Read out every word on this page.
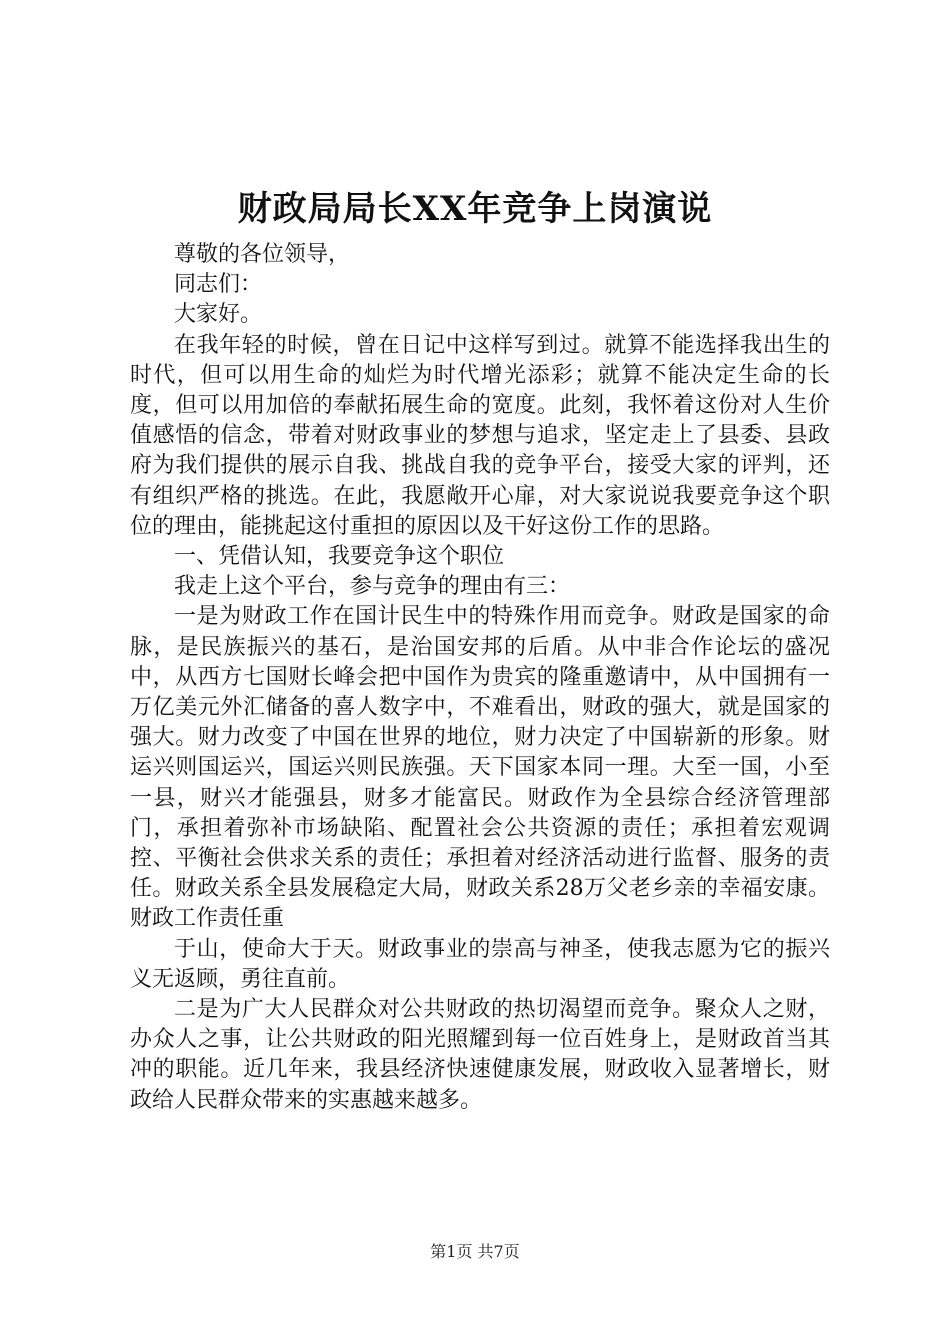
财政局局长XX年竞争上岗演说

尊敬的各位领导，

同志们：

大家好。

在我年轻的时候，曾在日记中这样写到过。就算不能选择我出生的时代，但可以用生命的灿烂为时代增光添彩；就算不能决定生命的长度，但可以用加倍的奉献拓展生命的宽度。此刻，我怀着这份对人生价值感悟的信念，带着对财政事业的梦想与追求，坚定走上了县委、县政府为我们提供的展示自我、挑战自我的竞争平台，接受大家的评判，还有组织严格的挑选。在此，我愿敞开心扉，对大家说说我要竞争这个职位的理由，能挑起这付重担的原因以及干好这份工作的思路。

一、凭借认知，我要竞争这个职位

我走上这个平台，参与竞争的理由有三：

一是为财政工作在国计民生中的特殊作用而竞争。财政是国家的命脉，是民族振兴的基石，是治国安邦的后盾。从中非合作论坛的盛况中，从西方七国财长峰会把中国作为贵宾的隆重邀请中，从中国拥有一万亿美元外汇储备的喜人数字中，不难看出，财政的强大，就是国家的强大。财力改变了中国在世界的地位，财力决定了中国崭新的形象。财运兴则国运兴，国运兴则民族强。天下国家本同一理。大至一国，小至一县，财兴才能强县，财多才能富民。财政作为全县综合经济管理部门，承担着弥补市场缺陷、配置社会公共资源的责任；承担着宏观调控、平衡社会供求关系的责任；承担着对经济活动进行监督、服务的责任。财政关系全县发展稳定大局，财政关系28万父老乡亲的幸福安康。财政工作责任重

于山，使命大于天。财政事业的崇高与神圣，使我志愿为它的振兴义无返顾，勇往直前。

二是为广大人民群众对公共财政的热切渴望而竞争。聚众人之财，办众人之事，让公共财政的阳光照耀到每一位百姓身上，是财政首当其冲的职能。近几年来，我县经济快速健康发展，财政收入显著增长，财政给人民群众带来的实惠越来越多。

第1页 共7页
